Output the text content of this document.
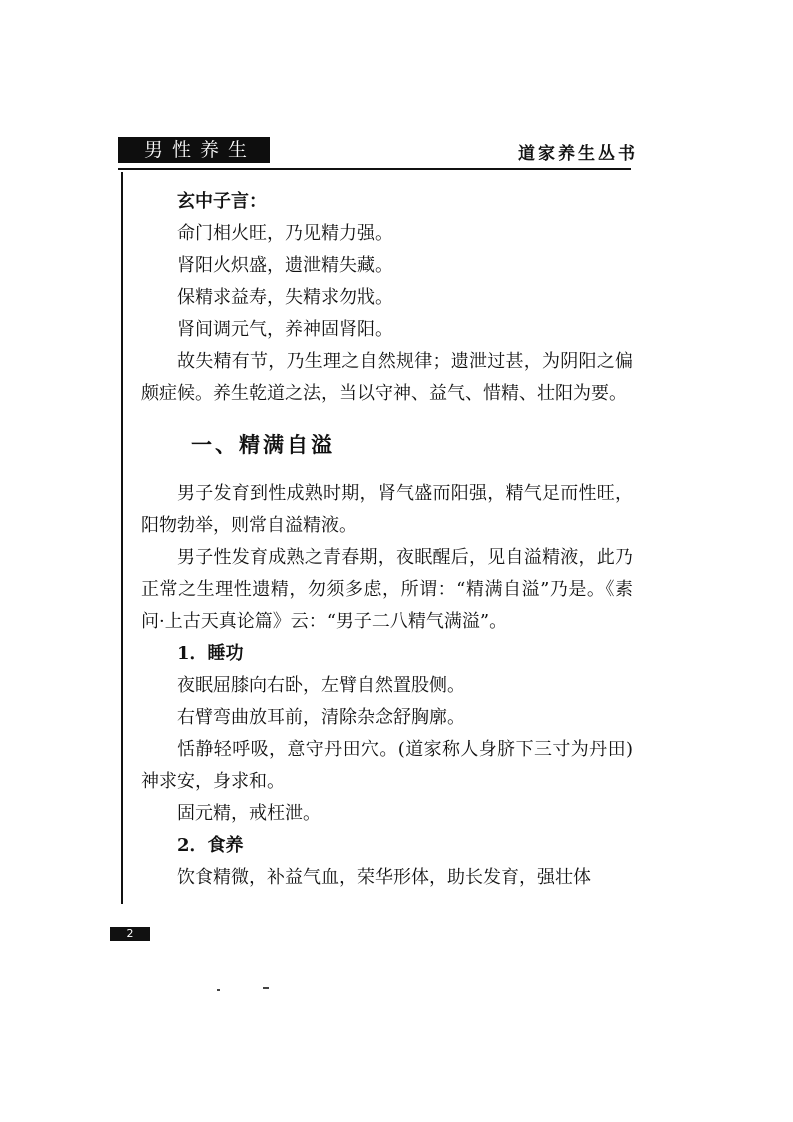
男性养生	道家养生丛书

玄中子言：

命门相火旺，乃见精力强。

肾阳火炽盛，遗泄精失藏。

保精求益寿，失精求勿戕。

肾间调元气，养神固肾阳。

故失精有节，乃生理之自然规律；遗泄过甚，为阴阳之偏颇症候。养生乾道之法，当以守神、益气、惜精、壮阳为要。

一、精满自溢

男子发育到性成熟时期，肾气盛而阳强，精气足而性旺，阳物勃举，则常自溢精液。

男子性发育成熟之青春期，夜眠醒后，见自溢精液，此乃正常之生理性遗精，勿须多虑，所谓：“精满自溢”乃是。《素问·上古天真论篇》云：“男子二八精气满溢”。

1．睡功

夜眠屈膝向右卧，左臂自然置股侧。

右臂弯曲放耳前，清除杂念舒胸廓。

恬静轻呼吸，意守丹田穴。(道家称人身脐下三寸为丹田)神求安，身求和。

固元精，戒枉泄。

2．食养

饮食精微，补益气血，荣华形体，助长发育，强壮体

2
